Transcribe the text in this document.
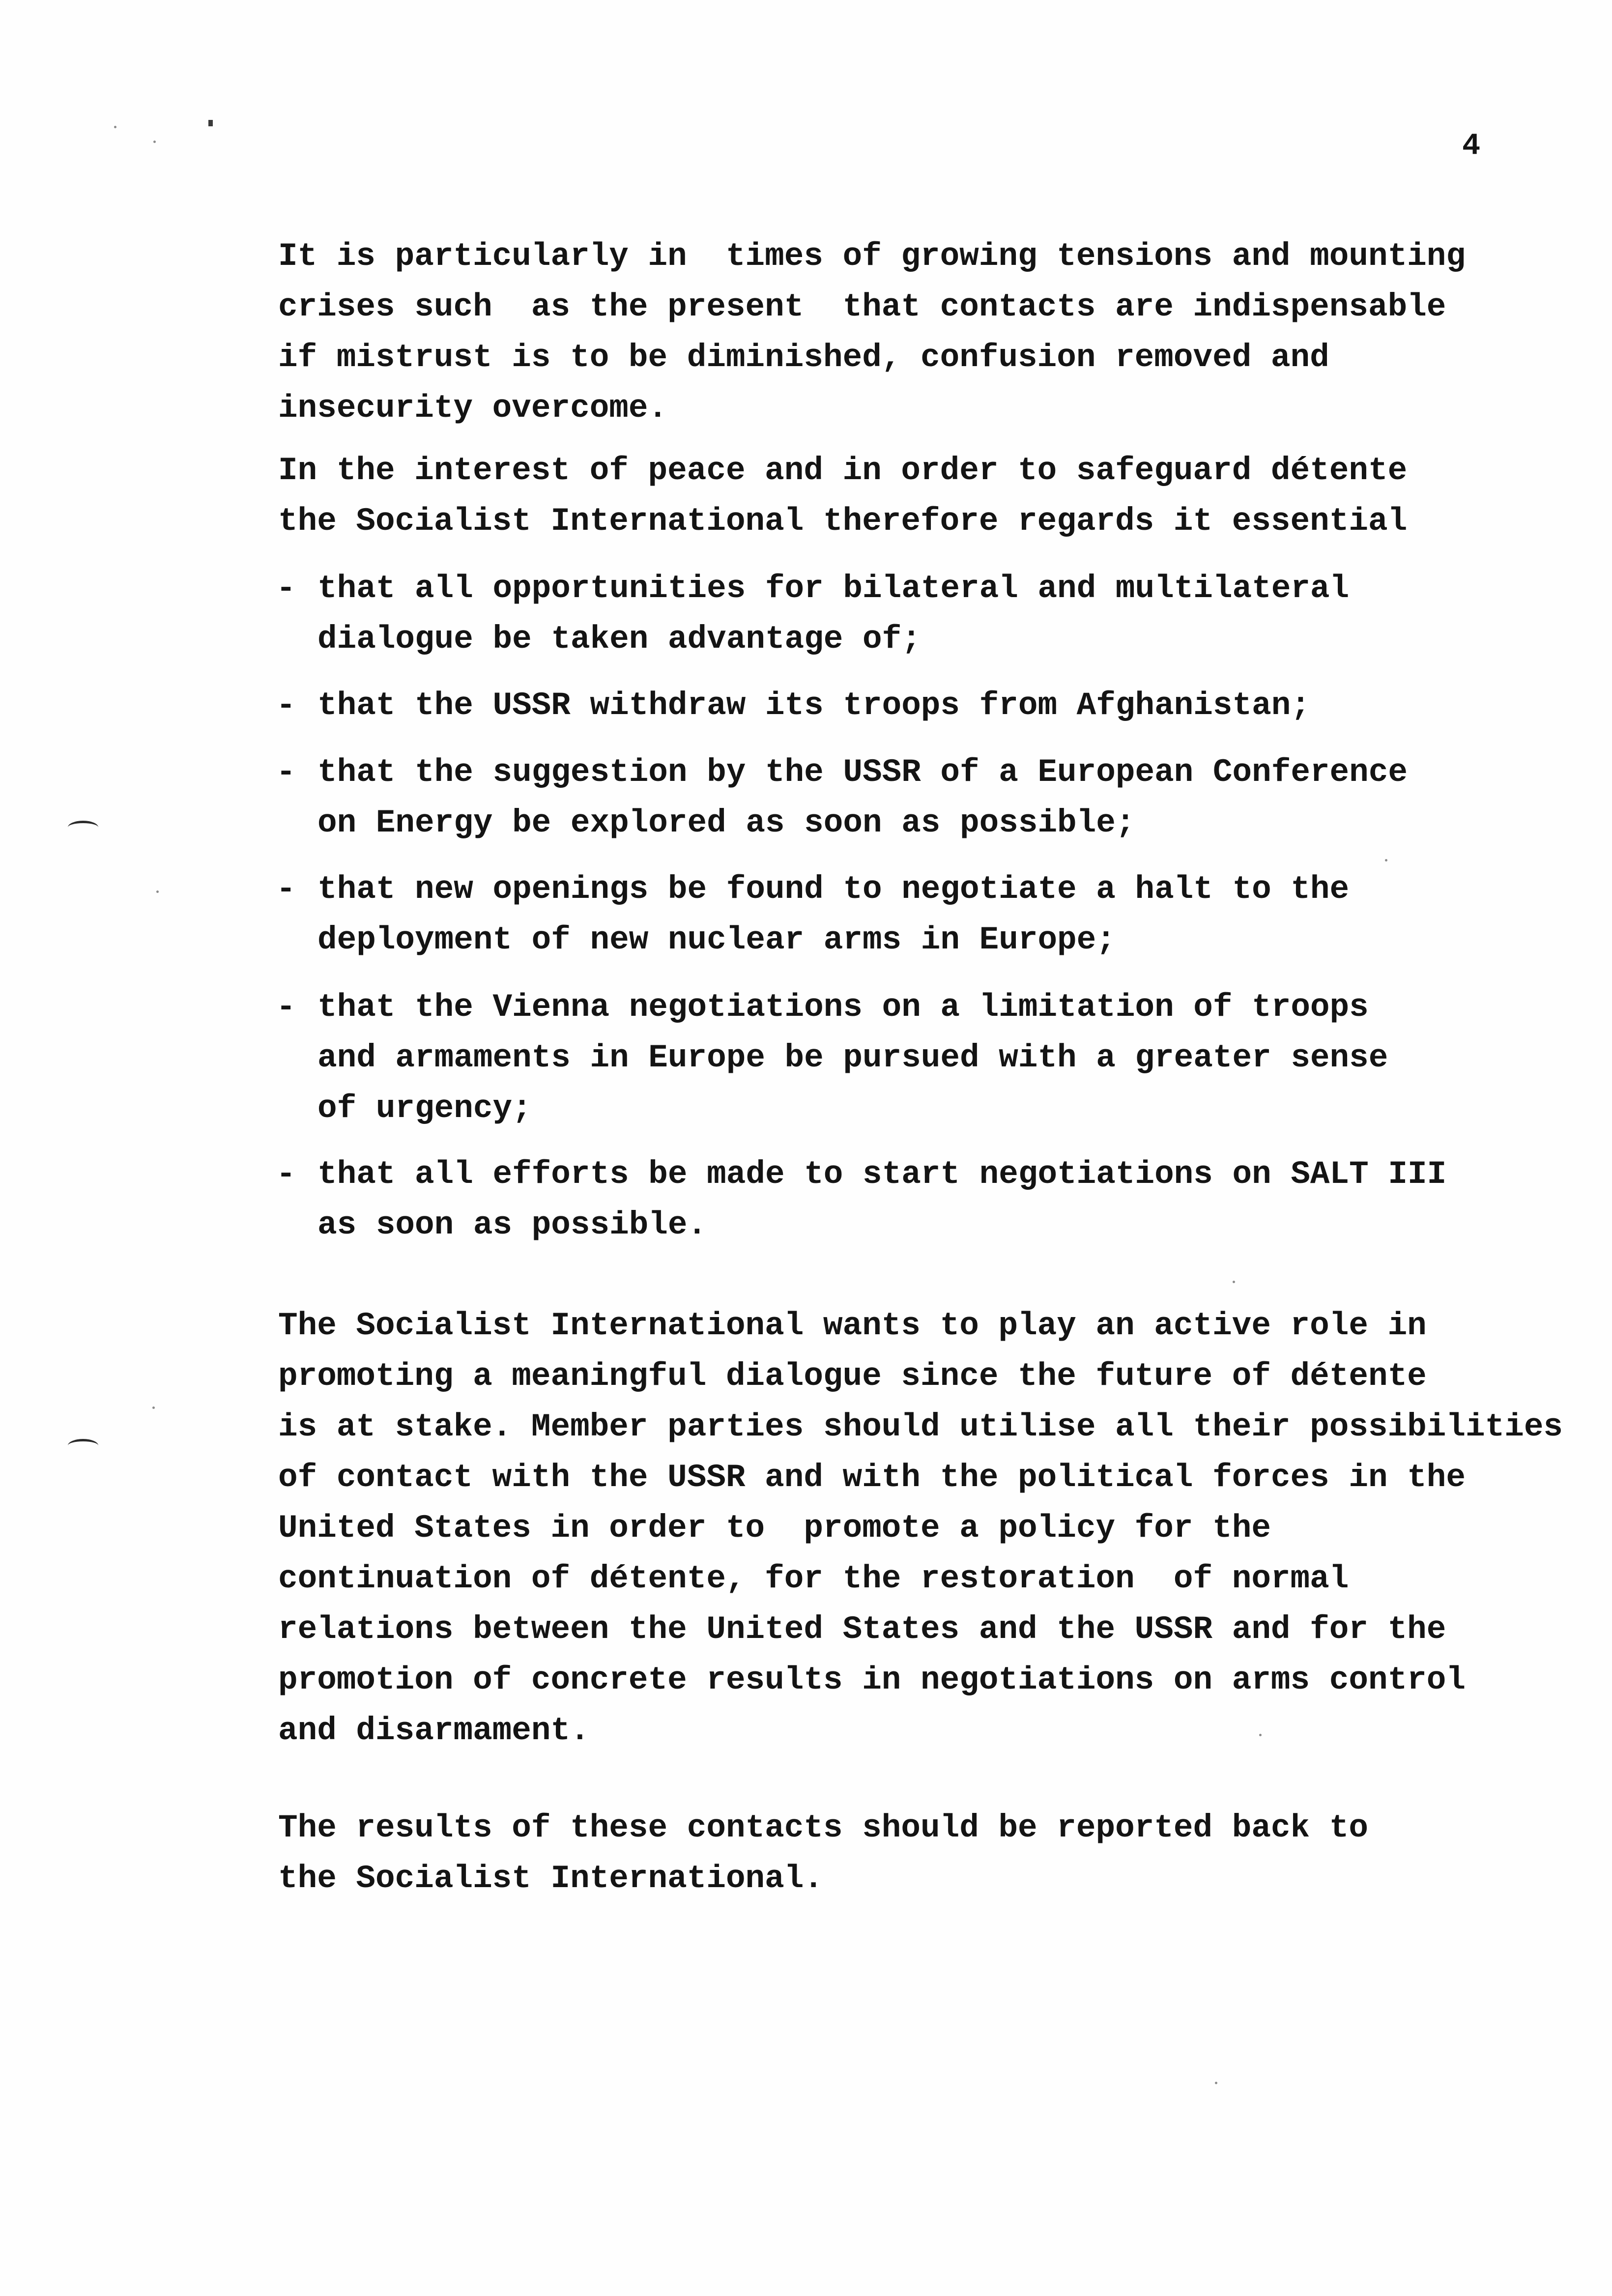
4
It is particularly in  times of growing tensions and mounting
crises such  as the present  that contacts are indispensable
if mistrust is to be diminished, confusion removed and
insecurity overcome.
In the interest of peace and in order to safeguard détente
the Socialist International therefore regards it essential
- that all opportunities for bilateral and multilateral
dialogue be taken advantage of;
- that the USSR withdraw its troops from Afghanistan;
- that the suggestion by the USSR of a European Conference
on Energy be explored as soon as possible;
- that new openings be found to negotiate a halt to the
deployment of new nuclear arms in Europe;
- that the Vienna negotiations on a limitation of troops
and armaments in Europe be pursued with a greater sense
of urgency;
- that all efforts be made to start negotiations on SALT III
as soon as possible.
The Socialist International wants to play an active role in
promoting a meaningful dialogue since the future of détente
is at stake. Member parties should utilise all their possibilities
of contact with the USSR and with the political forces in the
United States in order to  promote a policy for the
continuation of détente, for the restoration  of normal
relations between the United States and the USSR and for the
promotion of concrete results in negotiations on arms control
and disarmament.
The results of these contacts should be reported back to
the Socialist International.
